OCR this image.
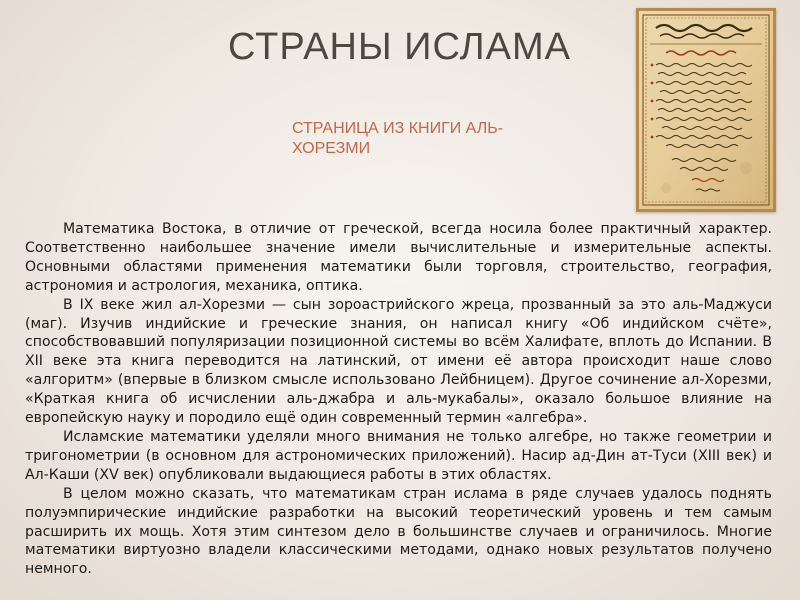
СТРАНЫ ИСЛАМА
СТРАНИЦА ИЗ КНИГИ АЛЬ-ХОРЕЗМИ

Математика Востока, в отличие от греческой, всегда носила более практичный характер. Соответственно наибольшее значение имели вычислительные и измерительные аспекты. Основными областями применения математики были торговля, строительство, география, астрономия и астрология, механика, оптика.

В IX веке жил ал-Хорезми — сын зороастрийского жреца, прозванный за это аль-Маджуси (маг). Изучив индийские и греческие знания, он написал книгу «Об индийском счёте», способствовавший популяризации позиционной системы во всём Халифате, вплоть до Испании. В XII веке эта книга переводится на латинский, от имени её автора происходит наше слово «алгоритм» (впервые в близком смысле использовано Лейбницем). Другое сочинение ал-Хорезми, «Краткая книга об исчислении аль-джабра и аль-мукабалы», оказало большое влияние на европейскую науку и породило ещё один современный термин «алгебра».

Исламские математики уделяли много внимания не только алгебре, но также геометрии и тригонометрии (в основном для астрономических приложений). Насир ад-Дин ат-Туси (XIII век) и Ал-Каши (XV век) опубликовали выдающиеся работы в этих областях.

В целом можно сказать, что математикам стран ислама в ряде случаев удалось поднять полуэмпирические индийские разработки на высокий теоретический уровень и тем самым расширить их мощь. Хотя этим синтезом дело в большинстве случаев и ограничилось. Многие математики виртуозно владели классическими методами, однако новых результатов получено немного.
